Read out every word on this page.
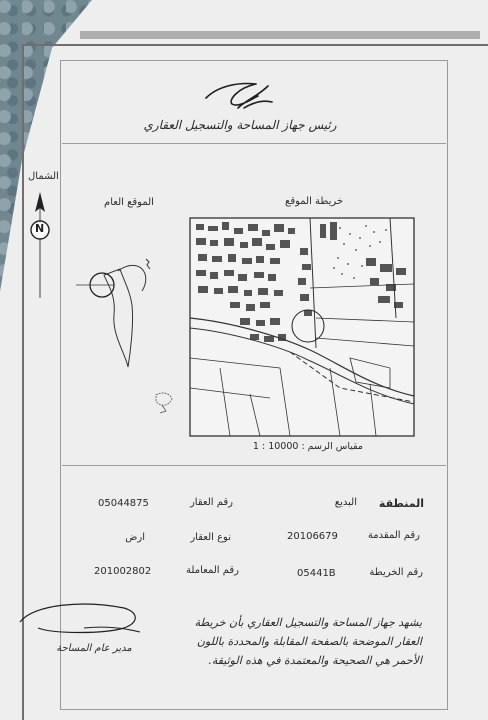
رئيس جهاز المساحة والتسجيل العقاري
الشمال
N
الموقع العام	خريطة الموقع
مقياس الرسم : 10000 : 1
المنطقة
البديع
رقم المقدمة
20106679
رقم الخريطة
05441B
رقم العقار
05044875
نوع العقار
ارض
رقم المعاملة
201002802
مدير عام المساحة
يشهد جهاز المساحة والتسجيل العقاري بأن خريطة
العقار الموضحة بالصفحة المقابلة والمحددة باللون
الأحمر هي الصحيحة والمعتمدة في هذه الوثيقة.
